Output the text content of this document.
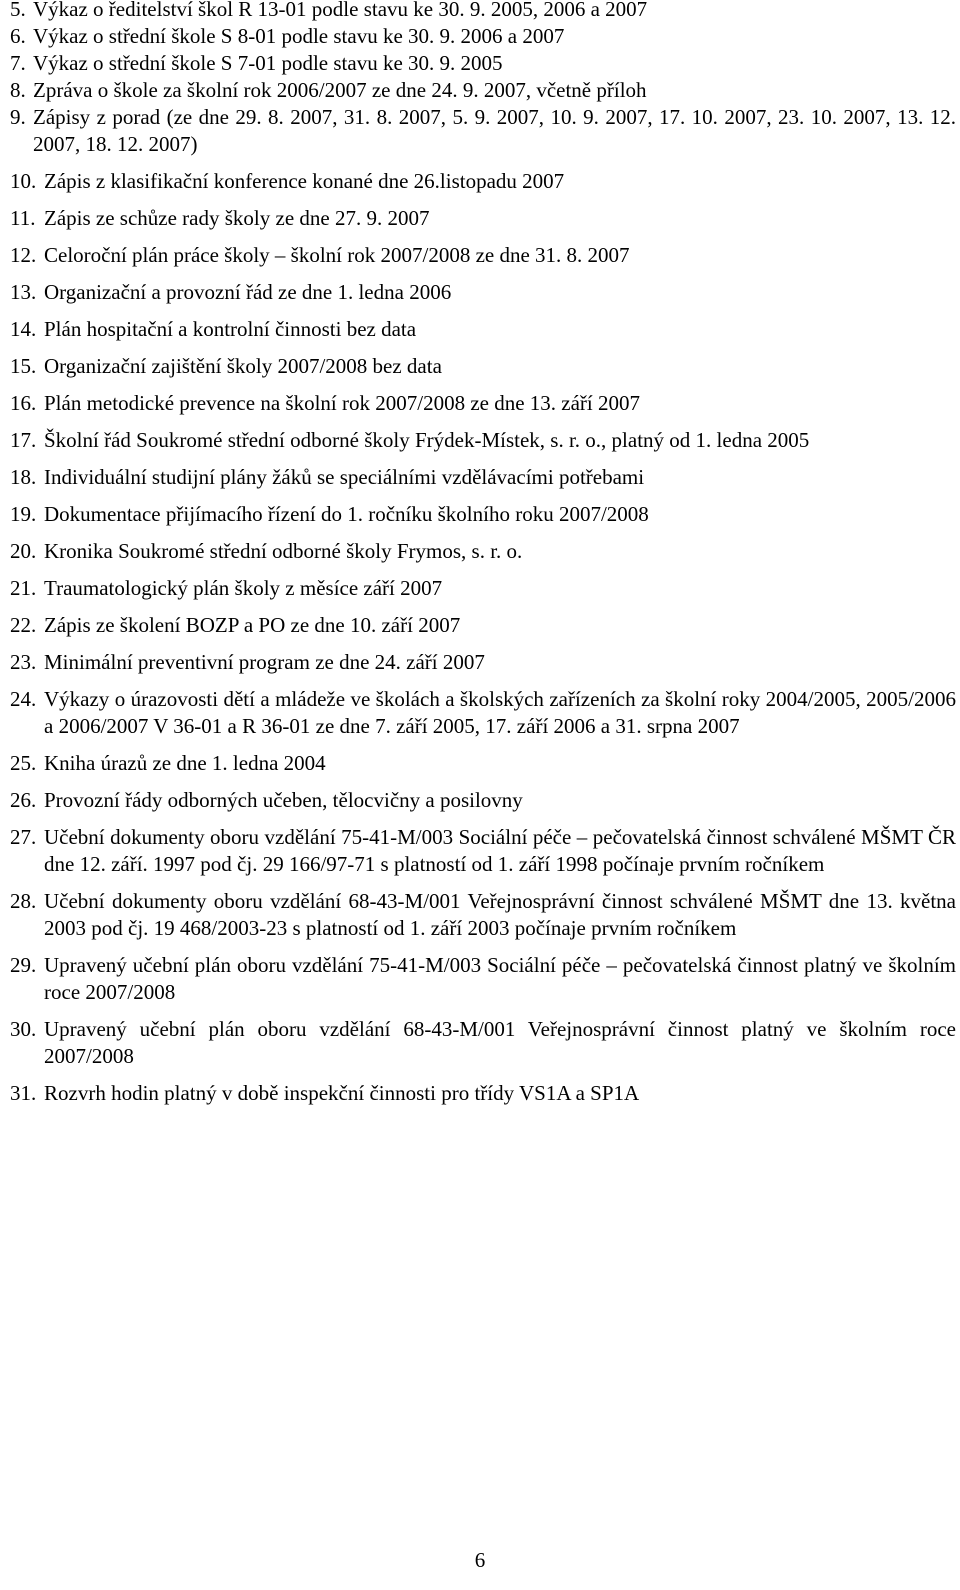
5. Výkaz o ředitelství škol R 13-01 podle stavu ke 30. 9. 2005, 2006 a 2007
6. Výkaz o střední škole S 8-01 podle stavu ke 30. 9. 2006 a 2007
7. Výkaz o střední škole S 7-01 podle stavu ke 30. 9. 2005
8. Zpráva o škole za školní rok 2006/2007 ze dne 24. 9. 2007, včetně příloh
9. Zápisy z porad (ze dne 29. 8. 2007, 31. 8. 2007, 5. 9. 2007, 10. 9. 2007, 17. 10. 2007, 23. 10. 2007, 13. 12. 2007, 18. 12. 2007)
10. Zápis z klasifikační konference konané dne 26.listopadu 2007
11. Zápis ze schůze rady školy ze dne 27. 9. 2007
12. Celoroční plán práce školy – školní rok 2007/2008 ze dne 31. 8. 2007
13. Organizační a provozní řád ze dne 1. ledna 2006
14. Plán hospitační a kontrolní činnosti bez data
15. Organizační zajištění školy 2007/2008 bez data
16. Plán metodické prevence na školní rok 2007/2008 ze dne 13. září 2007
17. Školní řád Soukromé střední odborné školy Frýdek-Místek, s. r. o., platný od 1. ledna 2005
18. Individuální studijní plány žáků se speciálními vzdělávacími potřebami
19. Dokumentace přijímacího řízení do 1. ročníku školního roku 2007/2008
20. Kronika Soukromé střední odborné školy Frymos, s. r. o.
21. Traumatologický plán školy z měsíce září 2007
22. Zápis ze školení BOZP a PO ze dne 10. září 2007
23. Minimální preventivní program ze dne 24. září 2007
24. Výkazy o úrazovosti dětí a mládeže ve školách a školských zařízeních za školní roky 2004/2005, 2005/2006 a 2006/2007 V 36-01 a R 36-01 ze dne 7. září 2005, 17. září 2006 a 31. srpna 2007
25. Kniha úrazů ze dne 1. ledna 2004
26. Provozní řády odborných učeben, tělocvičny a posilovny
27. Učební dokumenty oboru vzdělání 75-41-M/003 Sociální péče – pečovatelská činnost schválené MŠMT ČR dne 12. září. 1997 pod čj. 29 166/97-71 s platností od 1. září 1998 počínaje prvním ročníkem
28. Učební dokumenty oboru vzdělání 68-43-M/001 Veřejnosprávní činnost schválené MŠMT dne 13. května 2003 pod čj. 19 468/2003-23 s platností od 1. září 2003 počínaje prvním ročníkem
29. Upravený učební plán oboru vzdělání 75-41-M/003 Sociální péče – pečovatelská činnost platný ve školním roce 2007/2008
30. Upravený učební plán oboru vzdělání 68-43-M/001 Veřejnosprávní činnost platný ve školním roce 2007/2008
31. Rozvrh hodin platný v době inspekční činnosti pro třídy VS1A a SP1A
6
